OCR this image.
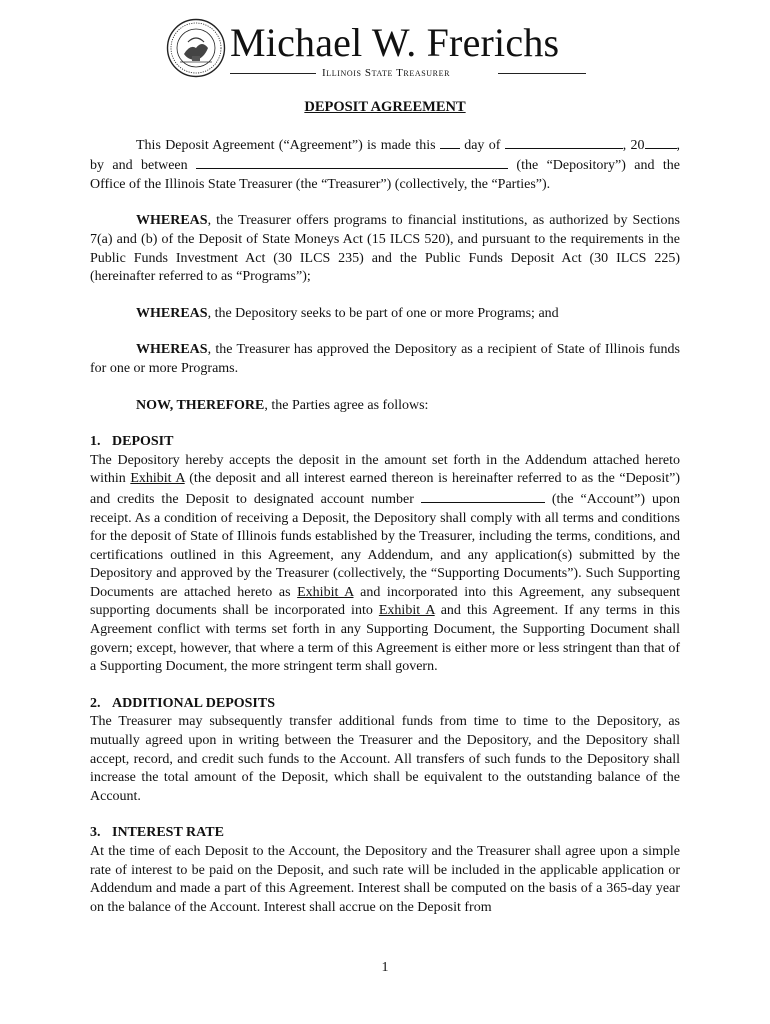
Michael W. Frerichs
Illinois State Treasurer
DEPOSIT AGREEMENT

This Deposit Agreement (“Agreement”) is made this day of	, 20 , by and between	(the “Depository”) and the Office of the Illinois State Treasurer (the “Treasurer”) (collectively, the “Parties”).

WHEREAS, the Treasurer offers programs to financial institutions, as authorized by Sections 7(a) and (b) of the Deposit of State Moneys Act (15 ILCS 520), and pursuant to the requirements in the Public Funds Investment Act (30 ILCS 235) and the Public Funds Deposit Act (30 ILCS 225) (hereinafter referred to as “Programs”);

WHEREAS, the Depository seeks to be part of one or more Programs; and

WHEREAS, the Treasurer has approved the Depository as a recipient of State of Illinois funds for one or more Programs.

NOW, THEREFORE, the Parties agree as follows:

1. DEPOSIT

The Depository hereby accepts the deposit in the amount set forth in the Addendum attached hereto within Exhibit A (the deposit and all interest earned thereon is hereinafter referred to as the “Deposit”) and credits the Deposit to designated account number	(the “Account”) upon receipt. As a condition of receiving a Deposit, the Depository shall comply with all terms and conditions for the deposit of State of Illinois funds established by the Treasurer, including the terms, conditions, and certifications outlined in this Agreement, any Addendum, and any application(s) submitted by the Depository and approved by the Treasurer (collectively, the “Supporting Documents”). Such Supporting Documents are attached hereto as Exhibit A and incorporated into this Agreement, any subsequent supporting documents shall be incorporated into Exhibit A and this Agreement. If any terms in this Agreement conflict with terms set forth in any Supporting Document, the Supporting Document shall govern; except, however, that where a term of this Agreement is either more or less stringent than that of a Supporting Document, the more stringent term shall govern.

2. ADDITIONAL DEPOSITS

The Treasurer may subsequently transfer additional funds from time to time to the Depository, as mutually agreed upon in writing between the Treasurer and the Depository, and the Depository shall accept, record, and credit such funds to the Account. All transfers of such funds to the Depository shall increase the total amount of the Deposit, which shall be equivalent to the outstanding balance of the Account.

3. INTEREST RATE

At the time of each Deposit to the Account, the Depository and the Treasurer shall agree upon a simple rate of interest to be paid on the Deposit, and such rate will be included in the applicable application or Addendum and made a part of this Agreement. Interest shall be computed on the basis of a 365-day year on the balance of the Account. Interest shall accrue on the Deposit from

1
